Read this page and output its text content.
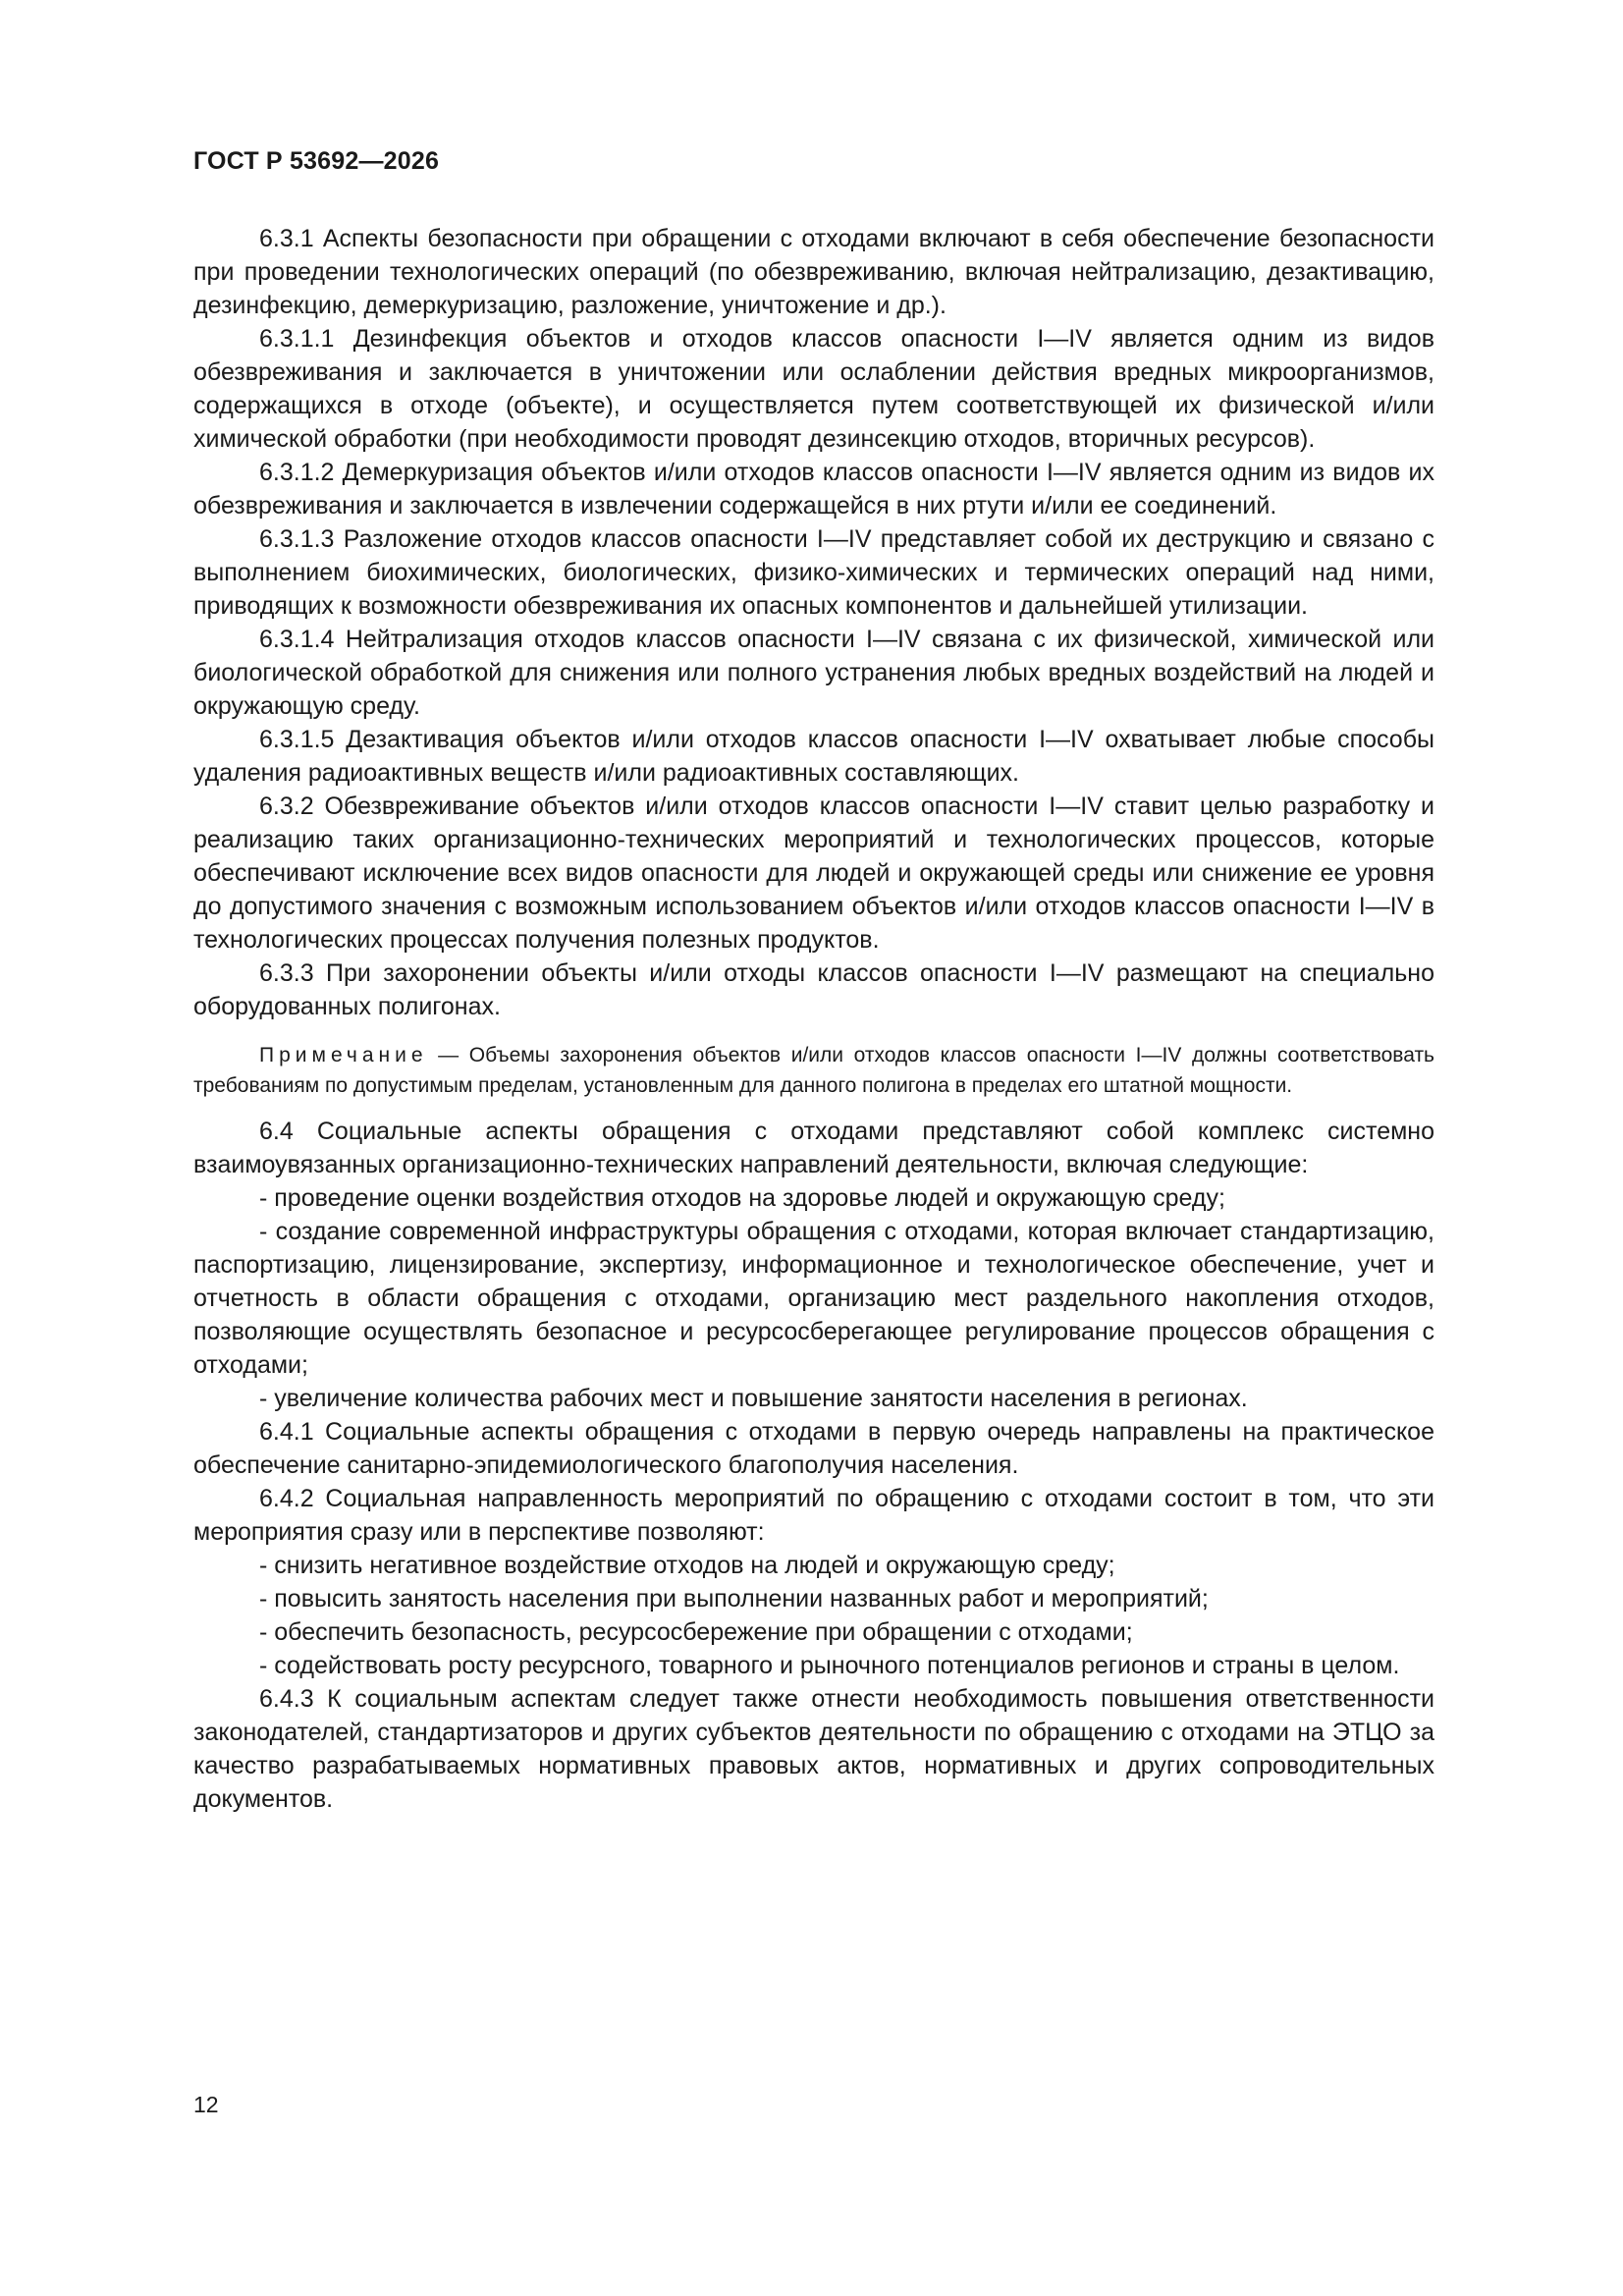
ГОСТ Р 53692—2026

6.3.1 Аспекты безопасности при обращении с отходами включают в себя обеспечение безопасности при проведении технологических операций (по обезвреживанию, включая нейтрализацию, дезактивацию, дезинфекцию, демеркуризацию, разложение, уничтожение и др.).

6.3.1.1 Дезинфекция объектов и отходов классов опасности I—IV является одним из видов обезвреживания и заключается в уничтожении или ослаблении действия вредных микроорганизмов, содержащихся в отходе (объекте), и осуществляется путем соответствующей их физической и/или химической обработки (при необходимости проводят дезинсекцию отходов, вторичных ресурсов).

6.3.1.2 Демеркуризация объектов и/или отходов классов опасности I—IV является одним из видов их обезвреживания и заключается в извлечении содержащейся в них ртути и/или ее соединений.

6.3.1.3 Разложение отходов классов опасности I—IV представляет собой их деструкцию и связано с выполнением биохимических, биологических, физико-химических и термических операций над ними, приводящих к возможности обезвреживания их опасных компонентов и дальнейшей утилизации.

6.3.1.4 Нейтрализация отходов классов опасности I—IV связана с их физической, химической или биологической обработкой для снижения или полного устранения любых вредных воздействий на людей и окружающую среду.

6.3.1.5 Дезактивация объектов и/или отходов классов опасности I—IV охватывает любые способы удаления радиоактивных веществ и/или радиоактивных составляющих.

6.3.2 Обезвреживание объектов и/или отходов классов опасности I—IV ставит целью разработку и реализацию таких организационно-технических мероприятий и технологических процессов, которые обеспечивают исключение всех видов опасности для людей и окружающей среды или снижение ее уровня до допустимого значения с возможным использованием объектов и/или отходов классов опасности I—IV в технологических процессах получения полезных продуктов.

6.3.3 При захоронении объекты и/или отходы классов опасности I—IV размещают на специально оборудованных полигонах.

Примечание — Объемы захоронения объектов и/или отходов классов опасности I—IV должны соответствовать требованиям по допустимым пределам, установленным для данного полигона в пределах его штатной мощности.

6.4 Социальные аспекты обращения с отходами представляют собой комплекс системно взаимоувязанных организационно-технических направлений деятельности, включая следующие:

- проведение оценки воздействия отходов на здоровье людей и окружающую среду;

- создание современной инфраструктуры обращения с отходами, которая включает стандартизацию, паспортизацию, лицензирование, экспертизу, информационное и технологическое обеспечение, учет и отчетность в области обращения с отходами, организацию мест раздельного накопления отходов, позволяющие осуществлять безопасное и ресурсосберегающее регулирование процессов обращения с отходами;

- увеличение количества рабочих мест и повышение занятости населения в регионах.

6.4.1 Социальные аспекты обращения с отходами в первую очередь направлены на практическое обеспечение санитарно-эпидемиологического благополучия населения.

6.4.2 Социальная направленность мероприятий по обращению с отходами состоит в том, что эти мероприятия сразу или в перспективе позволяют:

- снизить негативное воздействие отходов на людей и окружающую среду;

- повысить занятость населения при выполнении названных работ и мероприятий;

- обеспечить безопасность, ресурсосбережение при обращении с отходами;

- содействовать росту ресурсного, товарного и рыночного потенциалов регионов и страны в целом.

6.4.3 К социальным аспектам следует также отнести необходимость повышения ответственности законодателей, стандартизаторов и других субъектов деятельности по обращению с отходами на ЭТЦО за качество разрабатываемых нормативных правовых актов, нормативных и других сопроводительных документов.

12
